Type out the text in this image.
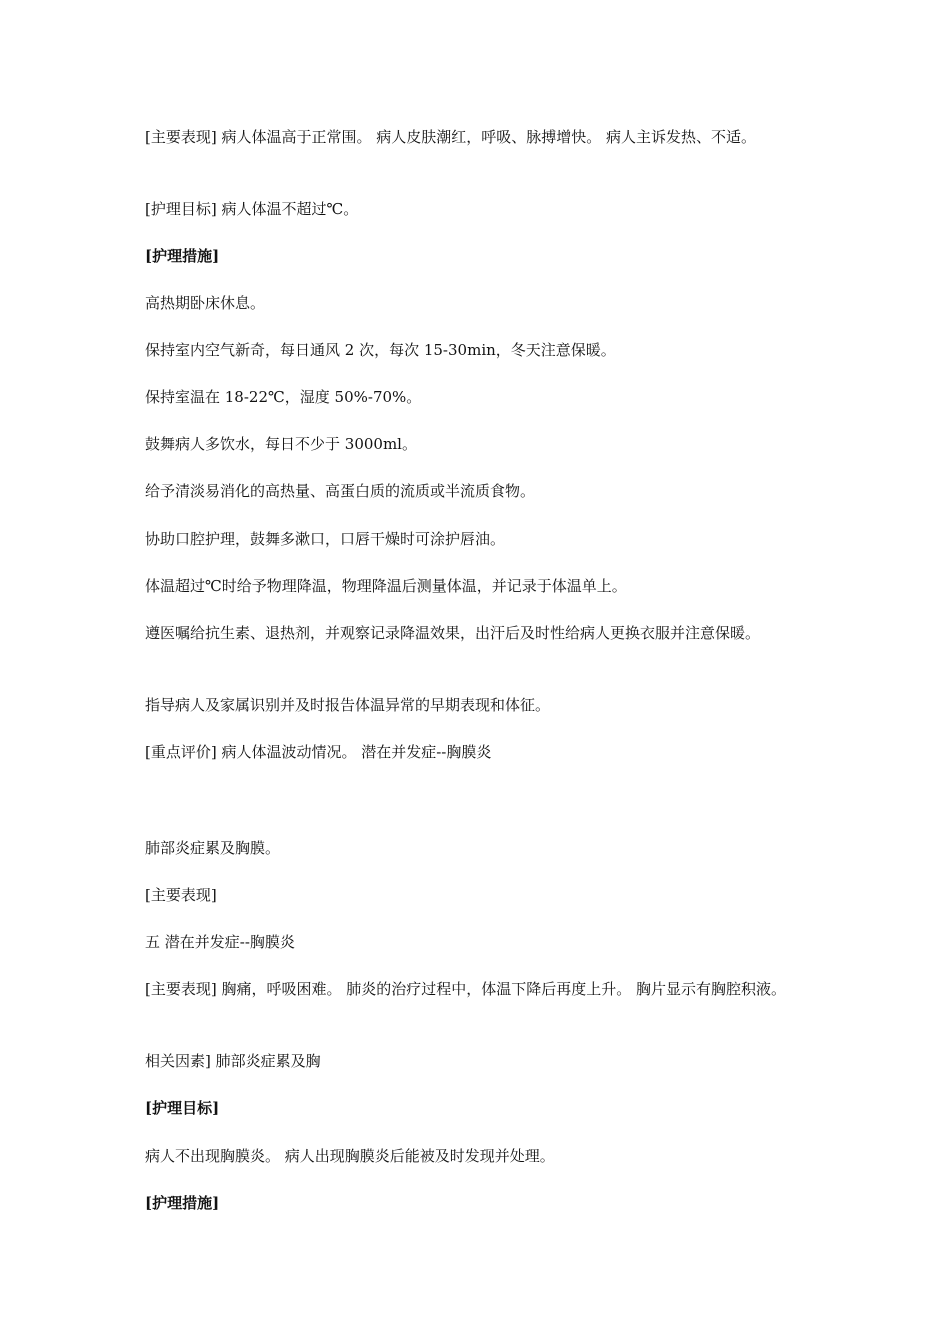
[主要表现] 病人体温高于正常围。 病人皮肤潮红，呼吸、脉搏增快。 病人主诉发热、不适。

[护理目标] 病人体温不超过℃。

[护理措施]

高热期卧床休息。

保持室内空气新奇，每日通风 2 次，每次 15-30min，冬天注意保暖。

保持室温在 18-22℃，湿度 50%-70%。

鼓舞病人多饮水，每日不少于 3000ml。

给予清淡易消化的高热量、高蛋白质的流质或半流质食物。

协助口腔护理，鼓舞多漱口，口唇干燥时可涂护唇油。

体温超过℃时给予物理降温，物理降温后测量体温，并记录于体温单上。

遵医嘱给抗生素、退热剂，并观察记录降温效果，出汗后及时性给病人更换衣服并注意保暖。

指导病人及家属识别并及时报告体温异常的早期表现和体征。

[重点评价] 病人体温波动情况。 潜在并发症--胸膜炎

肺部炎症累及胸膜。

[主要表现]

五 潜在并发症--胸膜炎

[主要表现] 胸痛，呼吸困难。 肺炎的治疗过程中，体温下降后再度上升。 胸片显示有胸腔积液。

相关因素] 肺部炎症累及胸

[护理目标]

病人不出现胸膜炎。 病人出现胸膜炎后能被及时发现并处理。

[护理措施]
